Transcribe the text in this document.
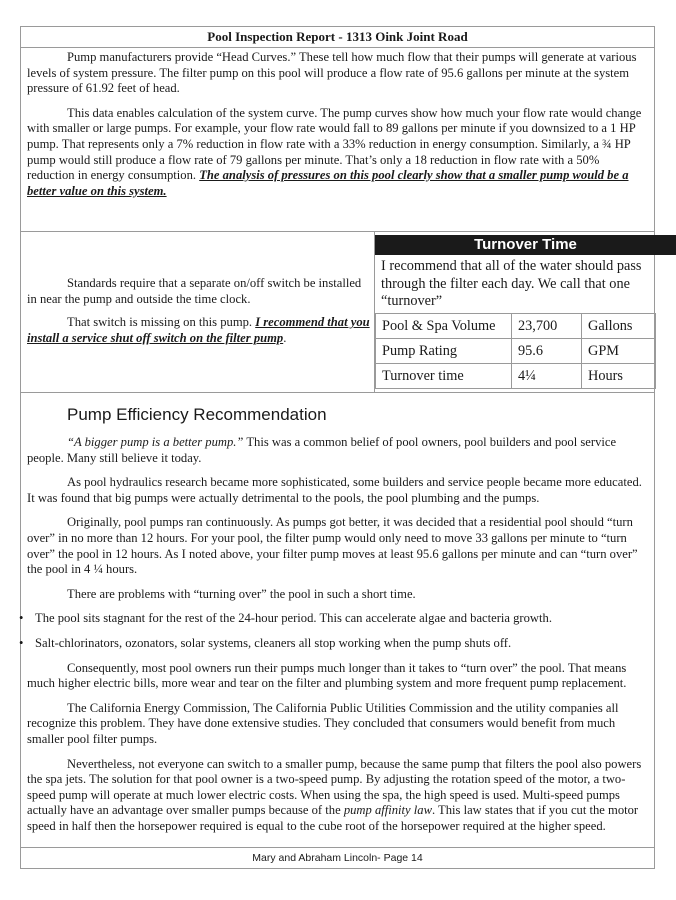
Pool Inspection Report - 1313 Oink Joint Road

Pump manufacturers provide “Head Curves.” These tell how much flow that their pumps will generate at various levels of system pressure. The filter pump on this pool will produce a flow rate of 95.6 gallons per minute at the system pressure of 61.92 feet of head.

This data enables calculation of the system curve. The pump curves show how much your flow rate would change with smaller or large pumps. For example, your flow rate would fall to 89 gallons per minute if you downsized to a 1 HP pump. That represents only a 7% reduction in flow rate with a 33% reduction in energy consumption. Similarly, a ¾ HP pump would still produce a flow rate of 79 gallons per minute. That’s only a 18 reduction in flow rate with a 50% reduction in energy consumption. The analysis of pressures on this pool clearly show that a smaller pump would be a better value on this system.

Standards require that a separate on/off switch be installed in near the pump and outside the time clock.

That switch is missing on this pump. I recommend that you install a service shut off switch on the filter pump.

Turnover Time
I recommend that all of the water should pass through the filter each day. We call that one “turnover”
Pool & Spa Volume	23,700	Gallons
Pump Rating	95.6	GPM
Turnover time	4¼	Hours
Pump Efficiency Recommendation

“A bigger pump is a better pump.” This was a common belief of pool owners, pool builders and pool service people. Many still believe it today.

As pool hydraulics research became more sophisticated, some builders and service people became more educated. It was found that big pumps were actually detrimental to the pools, the pool plumbing and the pumps.

Originally, pool pumps ran continuously. As pumps got better, it was decided that a residential pool should “turn over” in no more than 12 hours. For your pool, the filter pump would only need to move 33 gallons per minute to “turn over” the pool in 12 hours. As I noted above, your filter pump moves at least 95.6 gallons per minute and can “turn over” the pool in 4 ¼ hours.

There are problems with “turning over” the pool in such a short time.

• The pool sits stagnant for the rest of the 24-hour period. This can accelerate algae and bacteria growth.
• Salt-chlorinators, ozonators, solar systems, cleaners all stop working when the pump shuts off.

Consequently, most pool owners run their pumps much longer than it takes to “turn over” the pool. That means much higher electric bills, more wear and tear on the filter and plumbing system and more frequent pump replacement.

The California Energy Commission, The California Public Utilities Commission and the utility companies all recognize this problem. They have done extensive studies. They concluded that consumers would benefit from much smaller pool filter pumps.

Nevertheless, not everyone can switch to a smaller pump, because the same pump that filters the pool also powers the spa jets. The solution for that pool owner is a two-speed pump. By adjusting the rotation speed of the motor, a two-speed pump will operate at much lower electric costs. When using the spa, the high speed is used. Multi-speed pumps actually have an advantage over smaller pumps because of the pump affinity law. This law states that if you cut the motor speed in half then the horsepower required is equal to the cube root of the horsepower required at the higher speed.

Mary and Abraham Lincoln- Page 14
